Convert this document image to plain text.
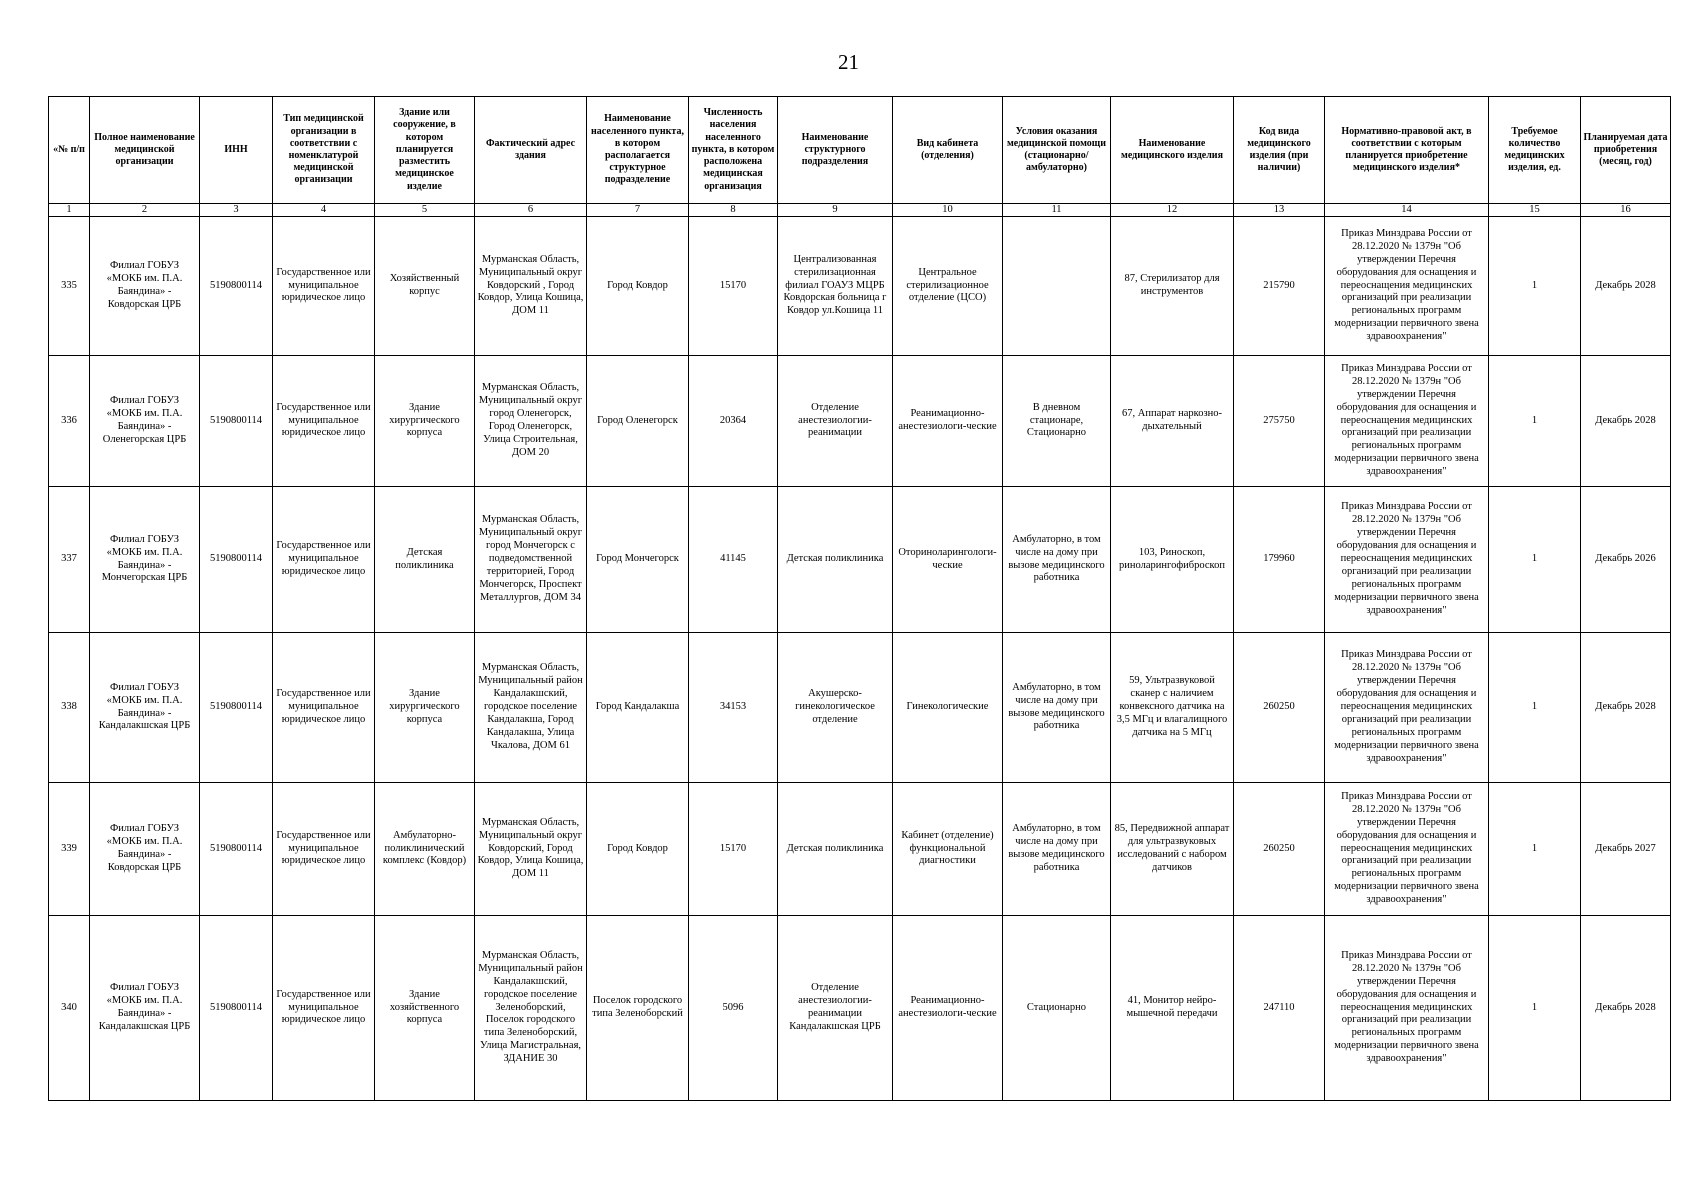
21
«№ п/п	Полное наименование медицинской организации	ИНН	Тип медицинской организации в соответствии с номенклатурой медицинской организации	Здание или сооружение, в котором планируется разместить медицинское изделие	Фактический адрес здания	Наименование населенного пункта, в котором располагается структурное подразделение	Численность населения населенного пункта, в котором расположена медицинская организация	Наименование структурного подразделения	Вид кабинета (отделения)	Условия оказания медицинской помощи (стационарно/ амбулаторно)	Наименование медицинского изделия	Код вида медицинского изделия (при наличии)	Нормативно-правовой акт, в соответствии с которым планируется приобретение медицинского изделия*	Требуемое количество медицинских изделия, ед.	Планируемая дата приобретения (месяц, год)
1	2	3	4	5	6	7	8	9	10	11	12	13	14	15	16
335	Филиал ГОБУЗ «МОКБ им. П.А. Баяндина» - Ковдорская ЦРБ	5190800114	Государственное или муниципальное юридическое лицо	Хозяйственный корпус	Мурманская Область, Муниципальный округ Ковдорский , Город Ковдор, Улица Кошица, ДОМ 11	Город Ковдор	15170	Централизованная стерилизационная филиал ГОАУЗ МЦРБ Ковдорская больница г Ковдор ул.Кошица 11	Центральное стерилизационное отделение (ЦСО)		87, Стерилизатор для инструментов	215790	Приказ Минздрава России от 28.12.2020 № 1379н "Об утверждении Перечня оборудования для оснащения и переоснащения медицинских организаций при реализации региональных программ модернизации первичного звена здравоохранения"	1	Декабрь 2028
336	Филиал ГОБУЗ «МОКБ им. П.А. Баяндина» - Оленегорская ЦРБ	5190800114	Государственное или муниципальное юридическое лицо	Здание хирургического корпуса	Мурманская Область, Муниципальный округ город Оленегорск, Город Оленегорск, Улица Строительная, ДОМ 20	Город Оленегорск	20364	Отделение анестезиологии-реанимации	Реанимационно-анестезиологи-ческие	В дневном стационаре, Стационарно	67, Аппарат наркозно-дыхательный	275750	Приказ Минздрава России от 28.12.2020 № 1379н "Об утверждении Перечня оборудования для оснащения и переоснащения медицинских организаций при реализации региональных программ модернизации первичного звена здравоохранения"	1	Декабрь 2028
337	Филиал ГОБУЗ «МОКБ им. П.А. Баяндина» - Мончегорская ЦРБ	5190800114	Государственное или муниципальное юридическое лицо	Детская поликлиника	Мурманская Область, Муниципальный округ город Мончегорск с подведомственной территорией, Город Мончегорск, Проспект Металлургов, ДОМ 34	Город Мончегорск	41145	Детская поликлиника	Оториноларингологи-ческие	Амбулаторно, в том числе на дому при вызове медицинского работника	103, Риноскоп, риноларингофиброскоп	179960	Приказ Минздрава России от 28.12.2020 № 1379н "Об утверждении Перечня оборудования для оснащения и переоснащения медицинских организаций при реализации региональных программ модернизации первичного звена здравоохранения"	1	Декабрь 2026
338	Филиал ГОБУЗ «МОКБ им. П.А. Баяндина» - Кандалакшская ЦРБ	5190800114	Государственное или муниципальное юридическое лицо	Здание хирургического корпуса	Мурманская Область, Муниципальный район Кандалакшский, городское поселение Кандалакша, Город Кандалакша, Улица Чкалова, ДОМ 61	Город Кандалакша	34153	Акушерско-гинекологическое отделение	Гинекологические	Амбулаторно, в том числе на дому при вызове медицинского работника	59, Ультразвуковой сканер с наличием конвексного датчика на 3,5 МГц и влагалищного датчика на 5 МГц	260250	Приказ Минздрава России от 28.12.2020 № 1379н "Об утверждении Перечня оборудования для оснащения и переоснащения медицинских организаций при реализации региональных программ модернизации первичного звена здравоохранения"	1	Декабрь 2028
339	Филиал ГОБУЗ «МОКБ им. П.А. Баяндина» - Ковдорская ЦРБ	5190800114	Государственное или муниципальное юридическое лицо	Амбулаторно-поликлинический комплекс (Ковдор)	Мурманская Область, Муниципальный округ Ковдорский, Город Ковдор, Улица Кошица, ДОМ 11	Город Ковдор	15170	Детская поликлиника	Кабинет (отделение) функциональной диагностики	Амбулаторно, в том числе на дому при вызове медицинского работника	85, Передвижной аппарат для ультразвуковых исследований с набором датчиков	260250	Приказ Минздрава России от 28.12.2020 № 1379н "Об утверждении Перечня оборудования для оснащения и переоснащения медицинских организаций при реализации региональных программ модернизации первичного звена здравоохранения"	1	Декабрь 2027
340	Филиал ГОБУЗ «МОКБ им. П.А. Баяндина» - Кандалакшская ЦРБ	5190800114	Государственное или муниципальное юридическое лицо	Здание хозяйственного корпуса	Мурманская Область, Муниципальный район Кандалакшский, городское поселение Зеленоборский, Поселок городского типа Зеленоборский, Улица Магистральная, ЗДАНИЕ 30	Поселок городского типа Зеленоборский	5096	Отделение анестезиологии-реанимации Кандалакшская ЦРБ	Реанимационно-анестезиологи-ческие	Стационарно	41, Монитор нейро-мышечной передачи	247110	Приказ Минздрава России от 28.12.2020 № 1379н "Об утверждении Перечня оборудования для оснащения и переоснащения медицинских организаций при реализации региональных программ модернизации первичного звена здравоохранения"	1	Декабрь 2028
